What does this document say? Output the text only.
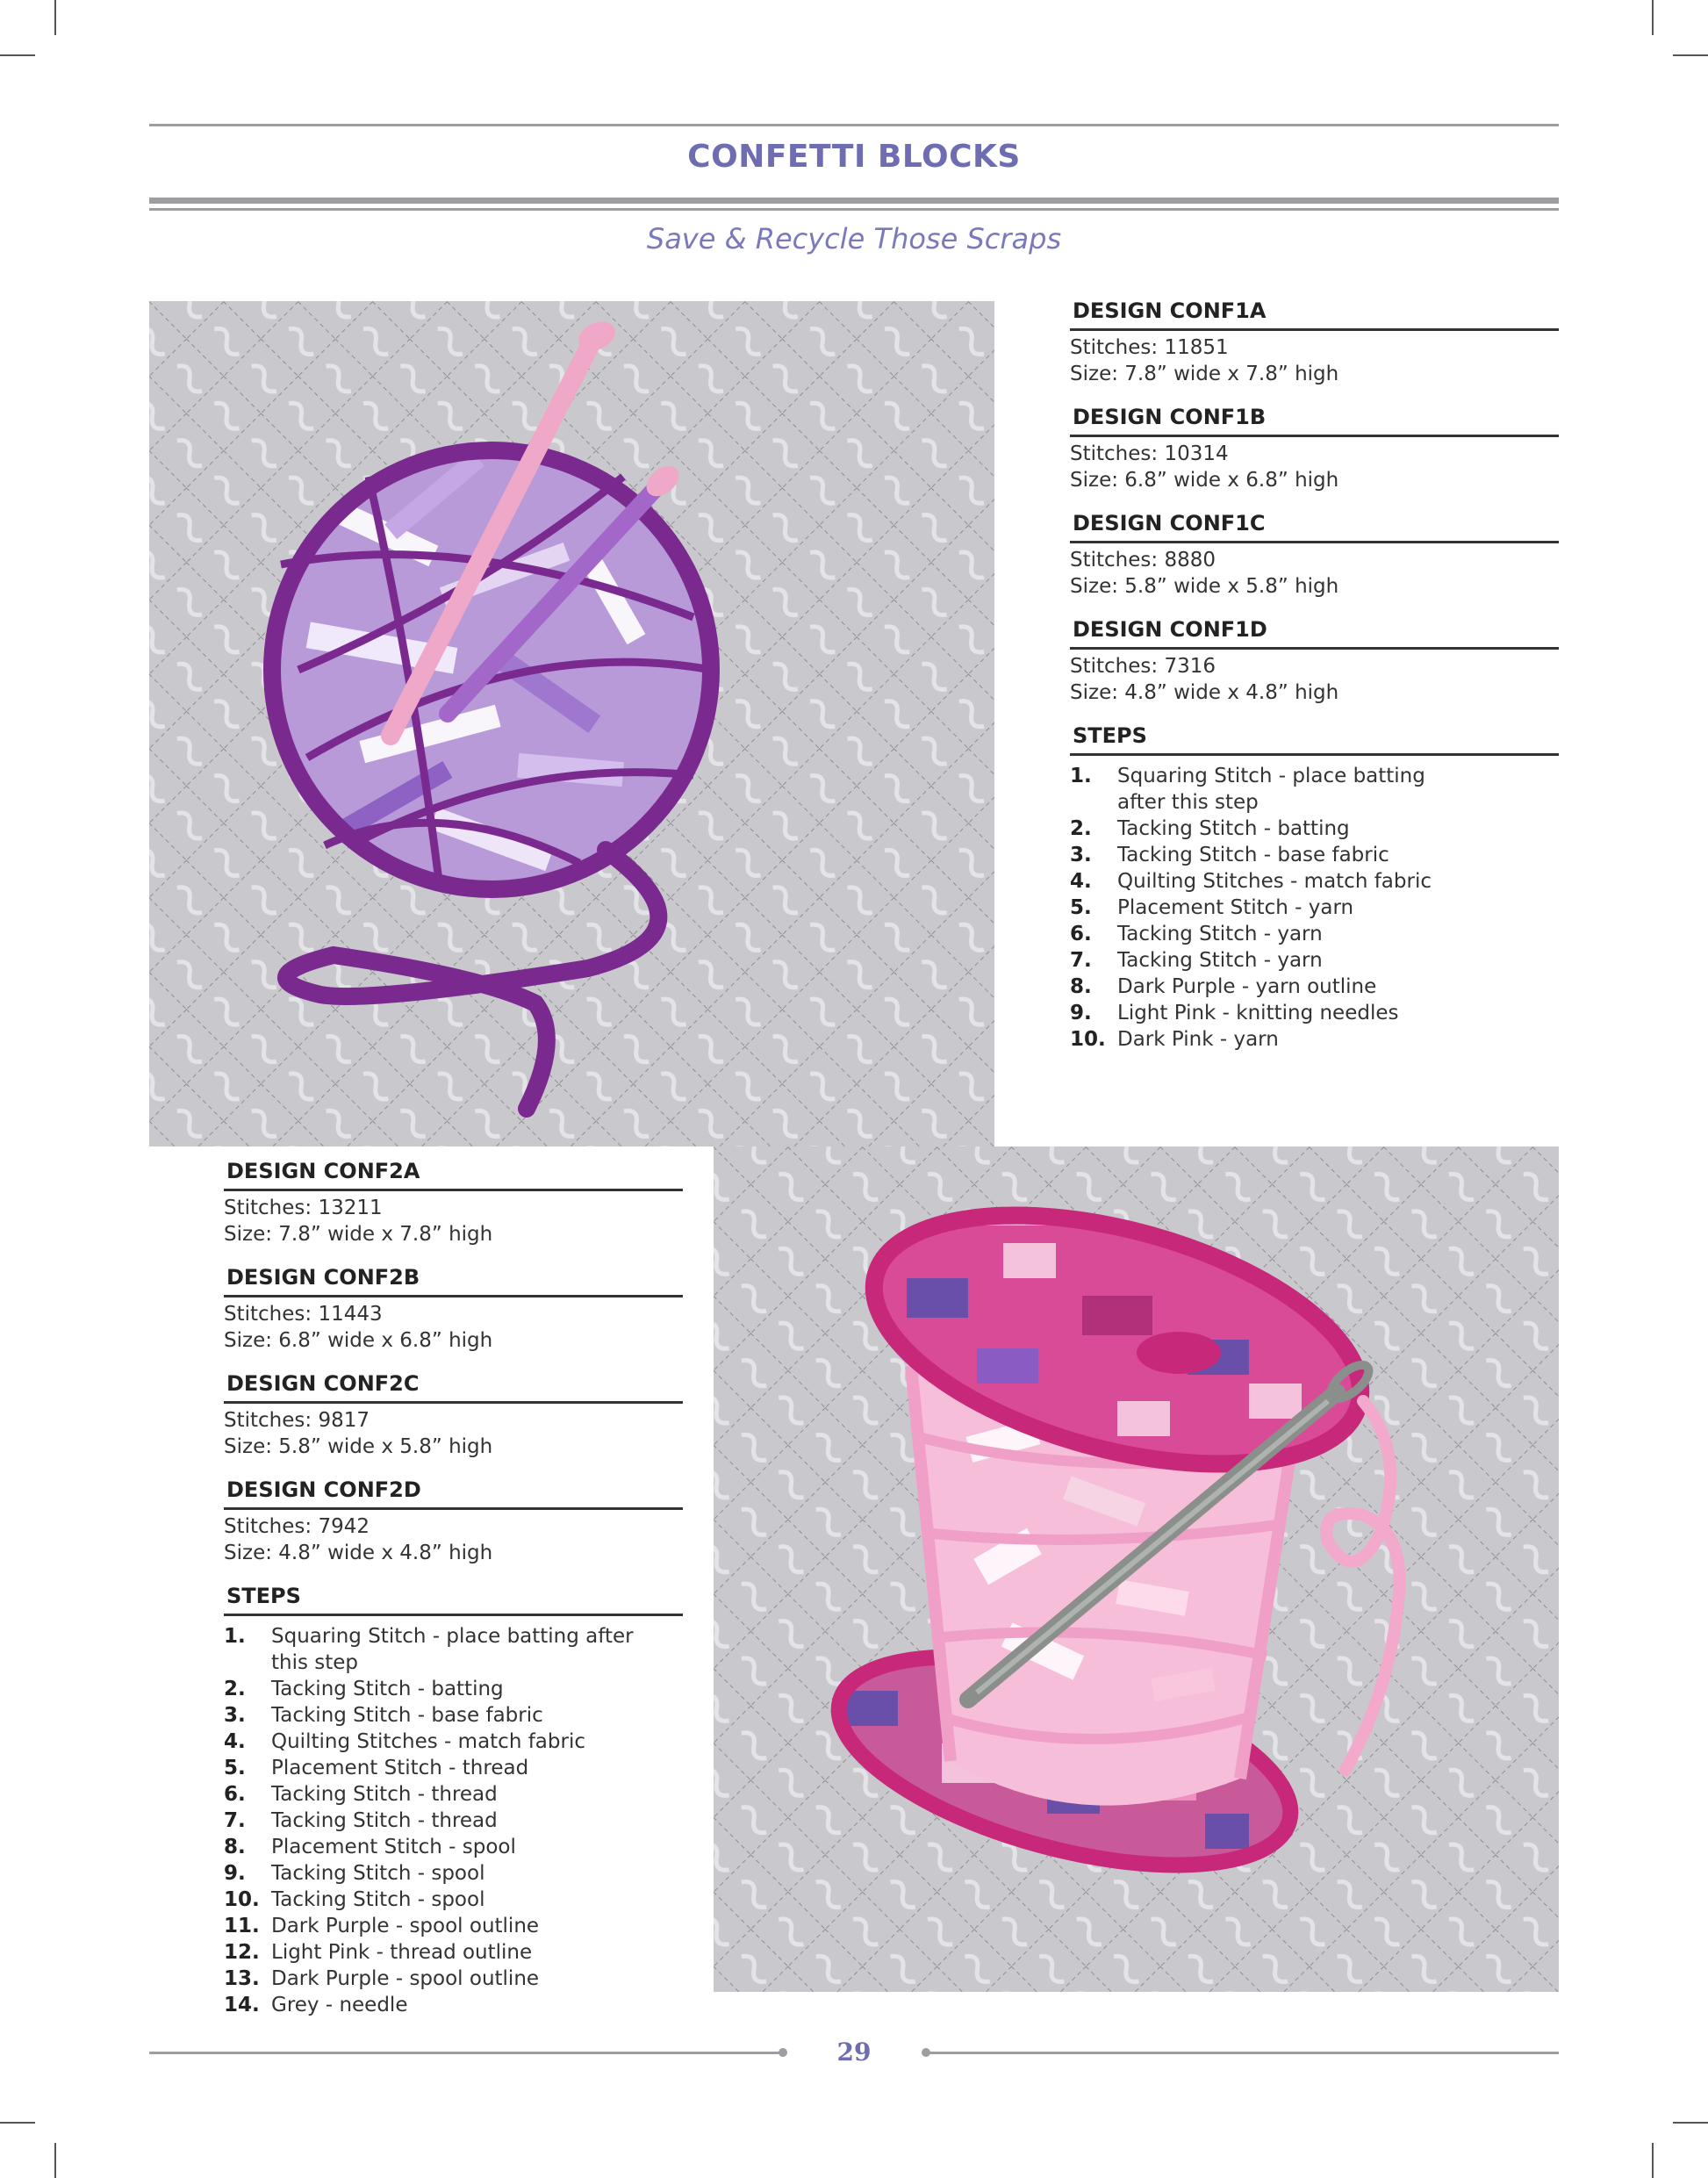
CONFETTI BLOCKS
Save & Recycle Those Scraps
DESIGN CONF1A
Stitches: 11851
Size: 7.8” wide x 7.8” high
DESIGN CONF1B
Stitches: 10314
Size: 6.8” wide x 6.8” high
DESIGN CONF1C
Stitches: 8880
Size: 5.8” wide x 5.8” high
DESIGN CONF1D
Stitches: 7316
Size: 4.8” wide x 4.8” high
STEPS
1. Squaring Stitch - place batting
after this step
2. Tacking Stitch - batting
3. Tacking Stitch - base fabric
4. Quilting Stitches - match fabric
5. Placement Stitch - yarn
6. Tacking Stitch - yarn
7. Tacking Stitch - yarn
8. Dark Purple - yarn outline
9. Light Pink - knitting needles
10. Dark Pink - yarn
DESIGN CONF2A
Stitches: 13211
Size: 7.8” wide x 7.8” high
DESIGN CONF2B
Stitches: 11443
Size: 6.8” wide x 6.8” high
DESIGN CONF2C
Stitches: 9817
Size: 5.8” wide x 5.8” high
DESIGN CONF2D
Stitches: 7942
Size: 4.8” wide x 4.8” high
STEPS
1. Squaring Stitch - place batting after
this step
2. Tacking Stitch - batting
3. Tacking Stitch - base fabric
4. Quilting Stitches - match fabric
5. Placement Stitch - thread
6. Tacking Stitch - thread
7. Tacking Stitch - thread
8. Placement Stitch - spool
9. Tacking Stitch - spool
10. Tacking Stitch - spool
11. Dark Purple - spool outline
12. Light Pink - thread outline
13. Dark Purple - spool outline
14. Grey - needle
29
